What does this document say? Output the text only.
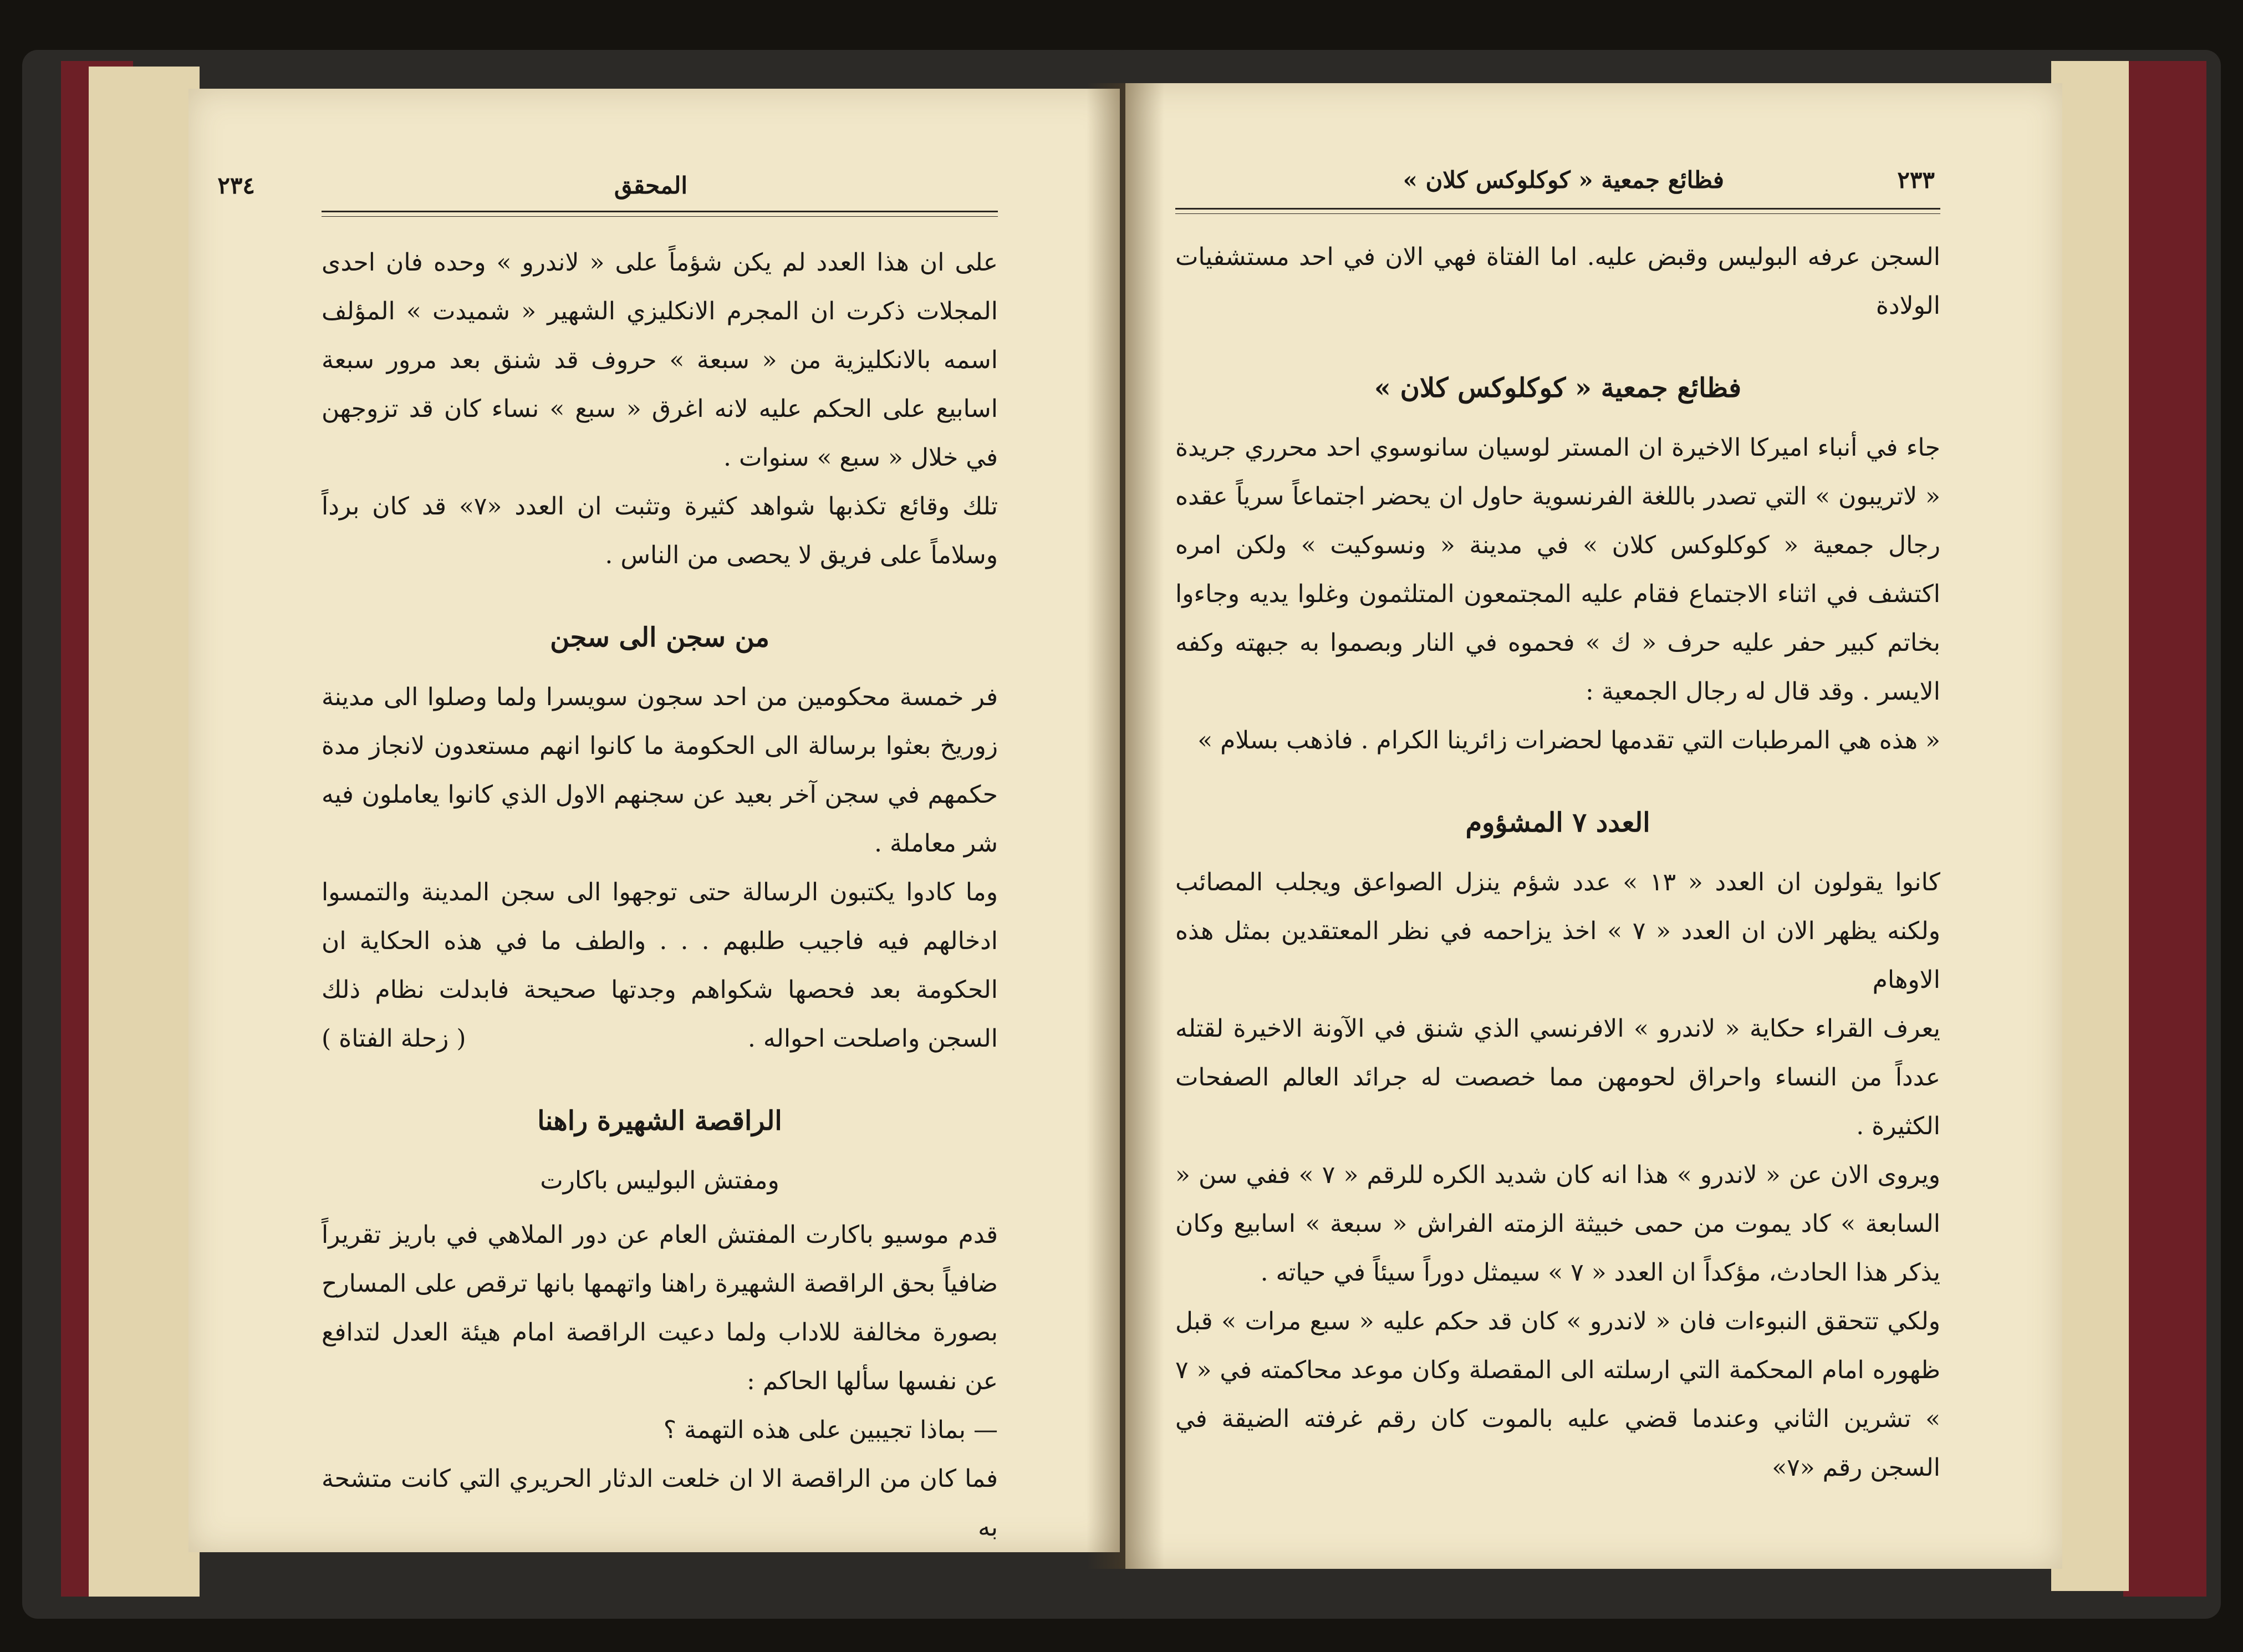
٢٣٤	المحقق

على ان هذا العدد لم يكن شؤماً على « لاندرو » وحده فان احدى المجلات ذكرت ان المجرم الانكليزي الشهير « شميدت » المؤلف اسمه بالانكليزية من « سبعة » حروف قد شنق بعد مرور سبعة اسابيع على الحكم عليه لانه اغرق « سبع » نساء كان قد تزوجهن في خلال « سبع » سنوات .

تلك وقائع تكذبها شواهد كثيرة وتثبت ان العدد «٧» قد كان برداً وسلاماً على فريق لا يحصى من الناس .

من سجن الى سجن

فر خمسة محكومين من احد سجون سويسرا ولما وصلوا الى مدينة زوريخ بعثوا برسالة الى الحكومة ما كانوا انهم مستعدون لانجاز مدة حكمهم في سجن آخر بعيد عن سجنهم الاول الذي كانوا يعاملون فيه شر معاملة .

وما كادوا يكتبون الرسالة حتى توجهوا الى سجن المدينة والتمسوا ادخالهم فيه فاجيب طلبهم . . . والطف ما في هذه الحكاية ان الحكومة بعد فحصها شكواهم وجدتها صحيحة فابدلت نظام ذلك السجن واصلحت احواله .
( زحلة الفتاة )

الراقصة الشهيرة راهنا
ومفتش البوليس باكارت

قدم موسيو باكارت المفتش العام عن دور الملاهي في باريز تقريراً ضافياً بحق الراقصة الشهيرة راهنا واتهمها بانها ترقص على المسارح بصورة مخالفة للاداب ولما دعيت الراقصة امام هيئة العدل لتدافع عن نفسها سألها الحاكم :

— بماذا تجيبين على هذه التهمة ؟

فما كان من الراقصة الا ان خلعت الدثار الحريري التي كانت متشحة به

٢٣٣
فظائع جمعية « كوكلوكس كلان »

السجن عرفه البوليس وقبض عليه. اما الفتاة فهي الان في احد مستشفيات الولادة

فظائع جمعية « كوكلوكس كلان »

جاء في أنباء اميركا الاخيرة ان المستر لوسيان سانوسوي احد محرري جريدة « لاتريبون » التي تصدر باللغة الفرنسوية حاول ان يحضر اجتماعاً سرياً عقده رجال جمعية « كوكلوكس كلان » في مدينة « ونسوكيت » ولكن امره اكتشف في اثناء الاجتماع فقام عليه المجتمعون المتلثمون وغلوا يديه وجاءوا بخاتم كبير حفر عليه حرف « ك » فحموه في النار وبصموا به جبهته وكفه الايسر . وقد قال له رجال الجمعية :

« هذه هي المرطبات التي تقدمها لحضرات زائرينا الكرام . فاذهب بسلام »

العدد ٧ المشؤوم

كانوا يقولون ان العدد « ١٣ » عدد شؤم ينزل الصواعق ويجلب المصائب ولكنه يظهر الان ان العدد « ٧ » اخذ يزاحمه في نظر المعتقدين بمثل هذه الاوهام

يعرف القراء حكاية « لاندرو » الافرنسي الذي شنق في الآونة الاخيرة لقتله عدداً من النساء واحراق لحومهن مما خصصت له جرائد العالم الصفحات الكثيرة .

ويروى الان عن « لاندرو » هذا انه كان شديد الكره للرقم « ٧ » ففي سن « السابعة » كاد يموت من حمى خبيثة الزمته الفراش « سبعة » اسابيع وكان يذكر هذا الحادث، مؤكداً ان العدد « ٧ » سيمثل دوراً سيئاً في حياته .

ولكي تتحقق النبوءات فان « لاندرو » كان قد حكم عليه « سبع مرات » قبل ظهوره امام المحكمة التي ارسلته الى المقصلة وكان موعد محاكمته في « ٧ » تشرين الثاني وعندما قضي عليه بالموت كان رقم غرفته الضيقة في السجن رقم «٧»
